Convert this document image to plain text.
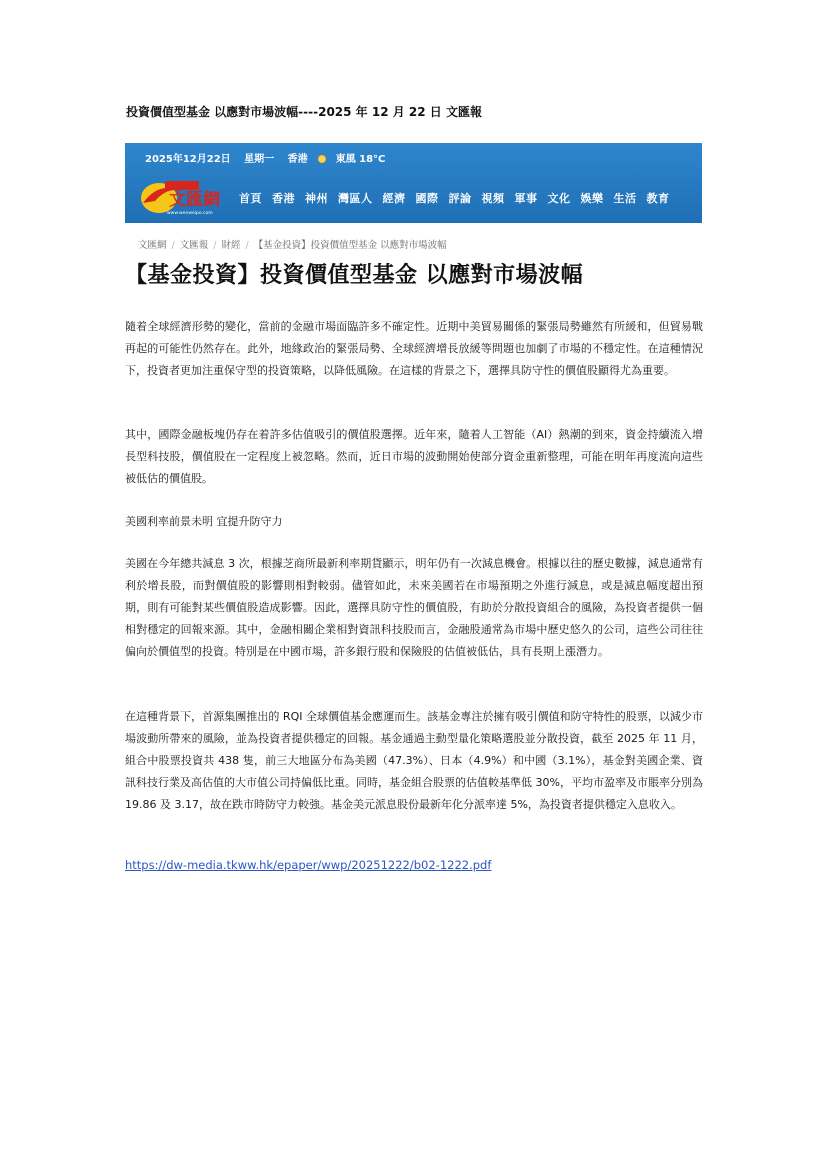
投資價值型基金 以應對市場波幅----2025 年 12 月 22 日 文匯報
2025年12月22日 星期一 香港	東風 18°C
文匯網
www.wenweipo.com
首頁 香港 神州 灣區人 經濟 國際 評論 視頻 軍事 文化 娛樂 生活 教育
文匯網 / 文匯報 / 財經 / 【基金投資】投資價值型基金 以應對市場波幅
【基金投資】投資價值型基金 以應對市場波幅
隨着全球經濟形勢的變化，當前的金融市場面臨許多不確定性。近期中美貿易關係的緊張局勢雖然有所緩和，但貿易戰再起的可能性仍然存在。此外，地緣政治的緊張局勢、全球經濟增長放緩等問題也加劇了市場的不穩定性。在這種情況下，投資者更加注重保守型的投資策略，以降低風險。在這樣的背景之下，選擇具防守性的價值股顯得尤為重要。
其中，國際金融板塊仍存在着許多估值吸引的價值股選擇。近年來，隨着人工智能（AI）熱潮的到來，資金持續流入增長型科技股，價值股在一定程度上被忽略。然而，近日市場的波動開始使部分資金重新整理，可能在明年再度流向這些被低估的價值股。
美國利率前景未明 宜提升防守力
美國在今年總共減息 3 次，根據芝商所最新利率期貨顯示，明年仍有一次減息機會。根據以往的歷史數據，減息通常有利於增長股，而對價值股的影響則相對較弱。儘管如此，未來美國若在市場預期之外進行減息，或是減息幅度超出預期，則有可能對某些價值股造成影響。因此，選擇具防守性的價值股，有助於分散投資組合的風險，為投資者提供一個相對穩定的回報來源。其中，金融相關企業相對資訊科技股而言，金融股通常為市場中歷史悠久的公司，這些公司往往偏向於價值型的投資。特別是在中國市場，許多銀行股和保險股的估值被低估，具有長期上漲潛力。
在這種背景下，首源集團推出的 RQI 全球價值基金應運而生。該基金專注於擁有吸引價值和防守特性的股票，以減少市場波動所帶來的風險，並為投資者提供穩定的回報。基金通過主動型量化策略選股並分散投資，截至 2025 年 11 月，組合中股票投資共 438 隻，前三大地區分布為美國（47.3%）、日本（4.9%）和中國（3.1%），基金對美國企業、資訊科技行業及高估值的大市值公司持偏低比重。同時，基金組合股票的估值較基準低 30%，平均市盈率及市賬率分別為 19.86 及 3.17，故在跌市時防守力較強。基金美元派息股份最新年化分派率達 5%，為投資者提供穩定入息收入。
https://dw-media.tkww.hk/epaper/wwp/20251222/b02-1222.pdf
